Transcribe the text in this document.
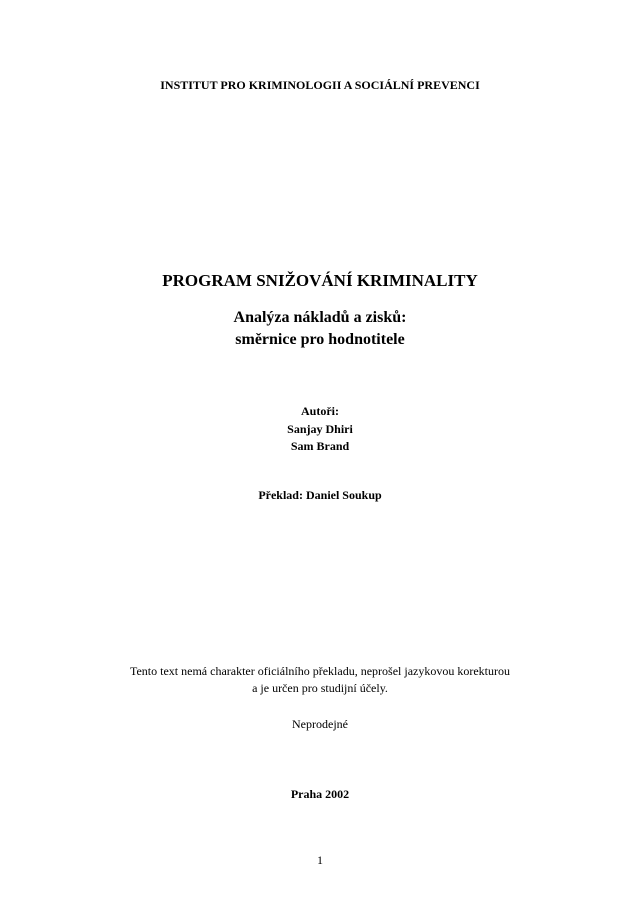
INSTITUT PRO KRIMINOLOGII A SOCIÁLNÍ PREVENCI
PROGRAM SNIŽOVÁNÍ KRIMINALITY
Analýza nákladů a zisků:
směrnice pro hodnotitele
Autoři:
Sanjay Dhiri
Sam Brand
Překlad: Daniel Soukup
Tento text nemá charakter oficiálního překladu, neprošel jazykovou korekturou
a je určen pro studijní účely.
Neprodejné
Praha 2002
1
